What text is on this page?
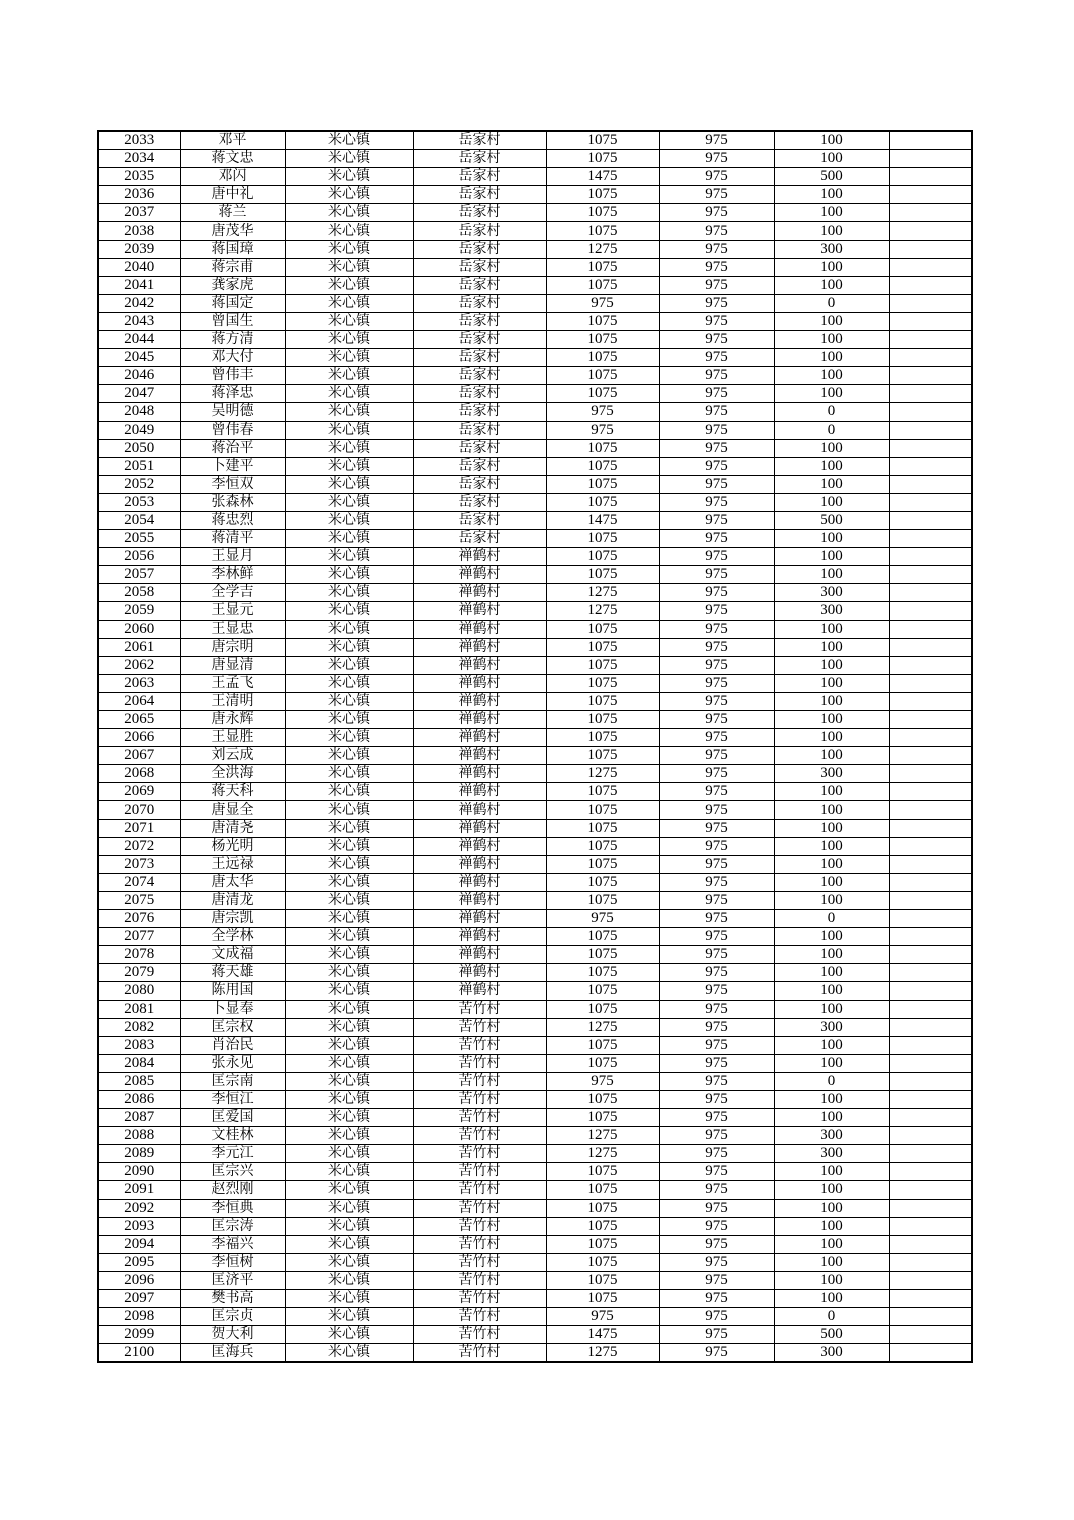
2033	邓平	米心镇	岳家村	1075	975	100	
2034	蒋文忠	米心镇	岳家村	1075	975	100	
2035	邓闪	米心镇	岳家村	1475	975	500	
2036	唐中礼	米心镇	岳家村	1075	975	100	
2037	蒋兰	米心镇	岳家村	1075	975	100	
2038	唐茂华	米心镇	岳家村	1075	975	100	
2039	蒋国璋	米心镇	岳家村	1275	975	300	
2040	蒋宗甫	米心镇	岳家村	1075	975	100	
2041	龚家虎	米心镇	岳家村	1075	975	100	
2042	蒋国定	米心镇	岳家村	975	975	0	
2043	曾国生	米心镇	岳家村	1075	975	100	
2044	蒋方清	米心镇	岳家村	1075	975	100	
2045	邓大付	米心镇	岳家村	1075	975	100	
2046	曾伟丰	米心镇	岳家村	1075	975	100	
2047	蒋泽忠	米心镇	岳家村	1075	975	100	
2048	吴明德	米心镇	岳家村	975	975	0	
2049	曾伟春	米心镇	岳家村	975	975	0	
2050	蒋治平	米心镇	岳家村	1075	975	100	
2051	卜建平	米心镇	岳家村	1075	975	100	
2052	李恒双	米心镇	岳家村	1075	975	100	
2053	张森林	米心镇	岳家村	1075	975	100	
2054	蒋忠烈	米心镇	岳家村	1475	975	500	
2055	蒋清平	米心镇	岳家村	1075	975	100	
2056	王显月	米心镇	禅鹤村	1075	975	100	
2057	李林鲜	米心镇	禅鹤村	1075	975	100	
2058	全学吉	米心镇	禅鹤村	1275	975	300	
2059	王显元	米心镇	禅鹤村	1275	975	300	
2060	王显忠	米心镇	禅鹤村	1075	975	100	
2061	唐宗明	米心镇	禅鹤村	1075	975	100	
2062	唐显清	米心镇	禅鹤村	1075	975	100	
2063	王孟飞	米心镇	禅鹤村	1075	975	100	
2064	王清明	米心镇	禅鹤村	1075	975	100	
2065	唐永辉	米心镇	禅鹤村	1075	975	100	
2066	王显胜	米心镇	禅鹤村	1075	975	100	
2067	刘云成	米心镇	禅鹤村	1075	975	100	
2068	全洪海	米心镇	禅鹤村	1275	975	300	
2069	蒋天科	米心镇	禅鹤村	1075	975	100	
2070	唐显全	米心镇	禅鹤村	1075	975	100	
2071	唐清尧	米心镇	禅鹤村	1075	975	100	
2072	杨光明	米心镇	禅鹤村	1075	975	100	
2073	王远禄	米心镇	禅鹤村	1075	975	100	
2074	唐太华	米心镇	禅鹤村	1075	975	100	
2075	唐清龙	米心镇	禅鹤村	1075	975	100	
2076	唐宗凯	米心镇	禅鹤村	975	975	0	
2077	全学林	米心镇	禅鹤村	1075	975	100	
2078	文成福	米心镇	禅鹤村	1075	975	100	
2079	蒋天雄	米心镇	禅鹤村	1075	975	100	
2080	陈用国	米心镇	禅鹤村	1075	975	100	
2081	卜显奉	米心镇	苦竹村	1075	975	100	
2082	匡宗权	米心镇	苦竹村	1275	975	300	
2083	肖治民	米心镇	苦竹村	1075	975	100	
2084	张永见	米心镇	苦竹村	1075	975	100	
2085	匡宗南	米心镇	苦竹村	975	975	0	
2086	李恒江	米心镇	苦竹村	1075	975	100	
2087	匡爱国	米心镇	苦竹村	1075	975	100	
2088	文桂林	米心镇	苦竹村	1275	975	300	
2089	李元江	米心镇	苦竹村	1275	975	300	
2090	匡宗兴	米心镇	苦竹村	1075	975	100	
2091	赵烈刚	米心镇	苦竹村	1075	975	100	
2092	李恒典	米心镇	苦竹村	1075	975	100	
2093	匡宗涛	米心镇	苦竹村	1075	975	100	
2094	李福兴	米心镇	苦竹村	1075	975	100	
2095	李恒树	米心镇	苦竹村	1075	975	100	
2096	匡济平	米心镇	苦竹村	1075	975	100	
2097	樊书高	米心镇	苦竹村	1075	975	100	
2098	匡宗贞	米心镇	苦竹村	975	975	0	
2099	贺大利	米心镇	苦竹村	1475	975	500	
2100	匡海兵	米心镇	苦竹村	1275	975	300	
